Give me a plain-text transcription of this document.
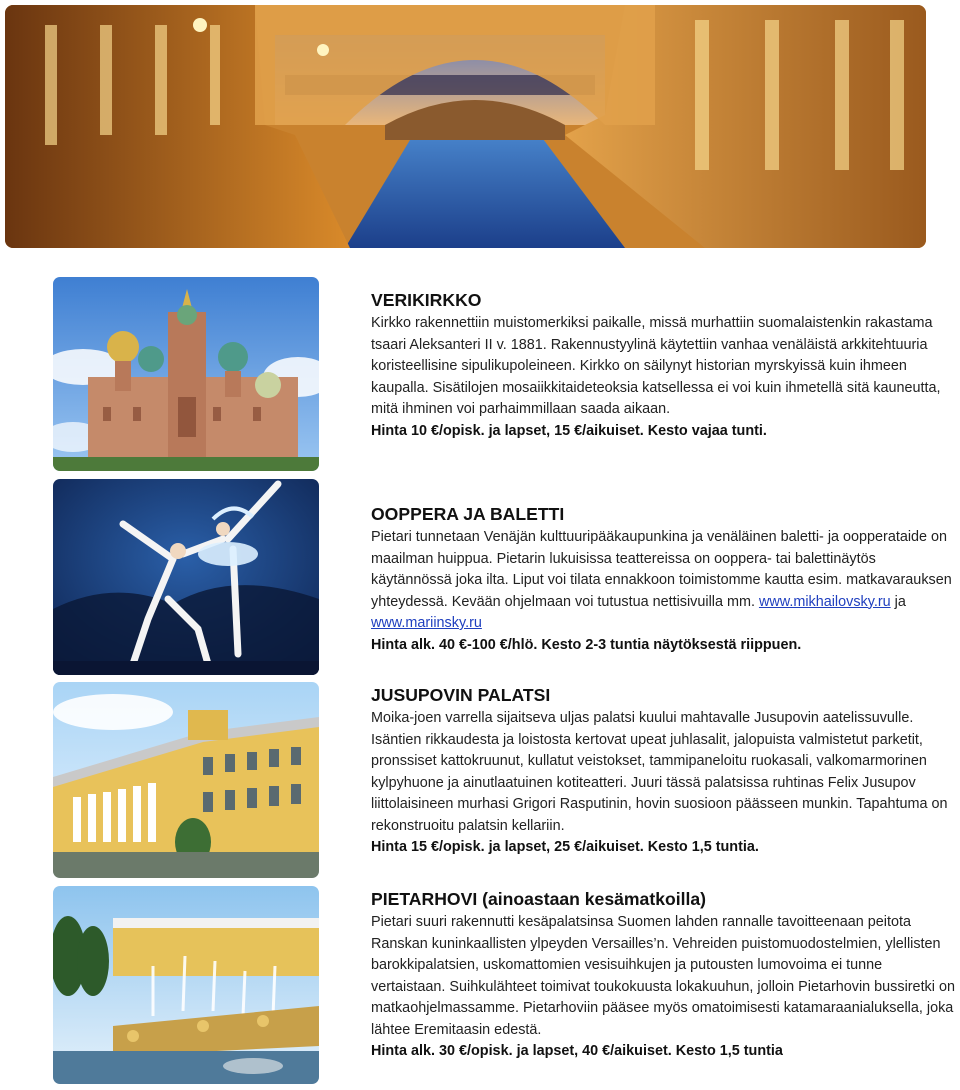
VERIKIRKKO

Kirkko rakennettiin muistomerkiksi paikalle, missä murhattiin suomalaistenkin rakastama tsaari Aleksanteri II v. 1881. Rakennustyylinä käytettiin vanhaa venäläistä arkkitehtuuria koristeellisine sipulikupoleineen. Kirkko on säilynyt historian myrskyissä kuin ihmeen kaupalla. Sisätilojen mosaiikkitaideteoksia katsellessa ei voi kuin ihmetellä sitä kauneutta, mitä ihminen voi parhaimmillaan saada aikaan.

Hinta 10 €/opisk. ja lapset, 15 €/aikuiset. Kesto vajaa tunti.

OOPPERA JA BALETTI

Pietari tunnetaan Venäjän kulttuuripääkaupunkina ja venäläinen baletti- ja oopperataide on maailman huippua. Pietarin lukuisissa teattereissa on ooppera- tai balettinäytös käytännössä joka ilta. Liput voi tilata ennakkoon toimistomme kautta esim. matkavarauksen yhteydessä. Kevään ohjelmaan voi tutustua nettisivuilla mm. www.mikhailovsky.ru ja www.mariinsky.ru

Hinta alk. 40 €-100 €/hlö. Kesto 2-3 tuntia näytöksestä riippuen.

JUSUPOVIN PALATSI

Moika-joen varrella sijaitseva uljas palatsi kuului mahtavalle Jusupovin aatelissuvulle. Isäntien rikkaudesta ja loistosta kertovat upeat juhlasalit, jalopuista valmistetut parketit, pronssiset kattokruunut, kullatut veistokset, tammipaneloitu ruokasali, valkomarmorinen kylpyhuone ja ainutlaatuinen kotiteatteri. Juuri tässä palatsissa ruhtinas Felix Jusupov liittolaisineen murhasi Grigori Rasputinin, hovin suosioon päässeen munkin. Tapahtuma on rekonstruoitu palatsin kellariin.

Hinta 15 €/opisk. ja lapset, 25 €/aikuiset. Kesto 1,5 tuntia.

PIETARHOVI (ainoastaan kesämatkoilla)

Pietari suuri rakennutti kesäpalatsinsa Suomen lahden rannalle tavoitteenaan peitota Ranskan kuninkaallisten ylpeyden Versailles’n. Vehreiden puistomuodostelmien, ylellisten barokkipalatsien, uskomattomien vesisuihkujen ja putousten lumovoima ei tunne vertaistaan. Suihkulähteet toimivat toukokuusta lokakuuhun, jolloin Pietarhovin bussiretki on matkaohjelmassamme. Pietarhoviin pääsee myös omatoimisesti katamaraanialuksella, joka lähtee Eremitaasin edestä.

Hinta alk. 30 €/opisk. ja lapset, 40 €/aikuiset. Kesto 1,5 tuntia
